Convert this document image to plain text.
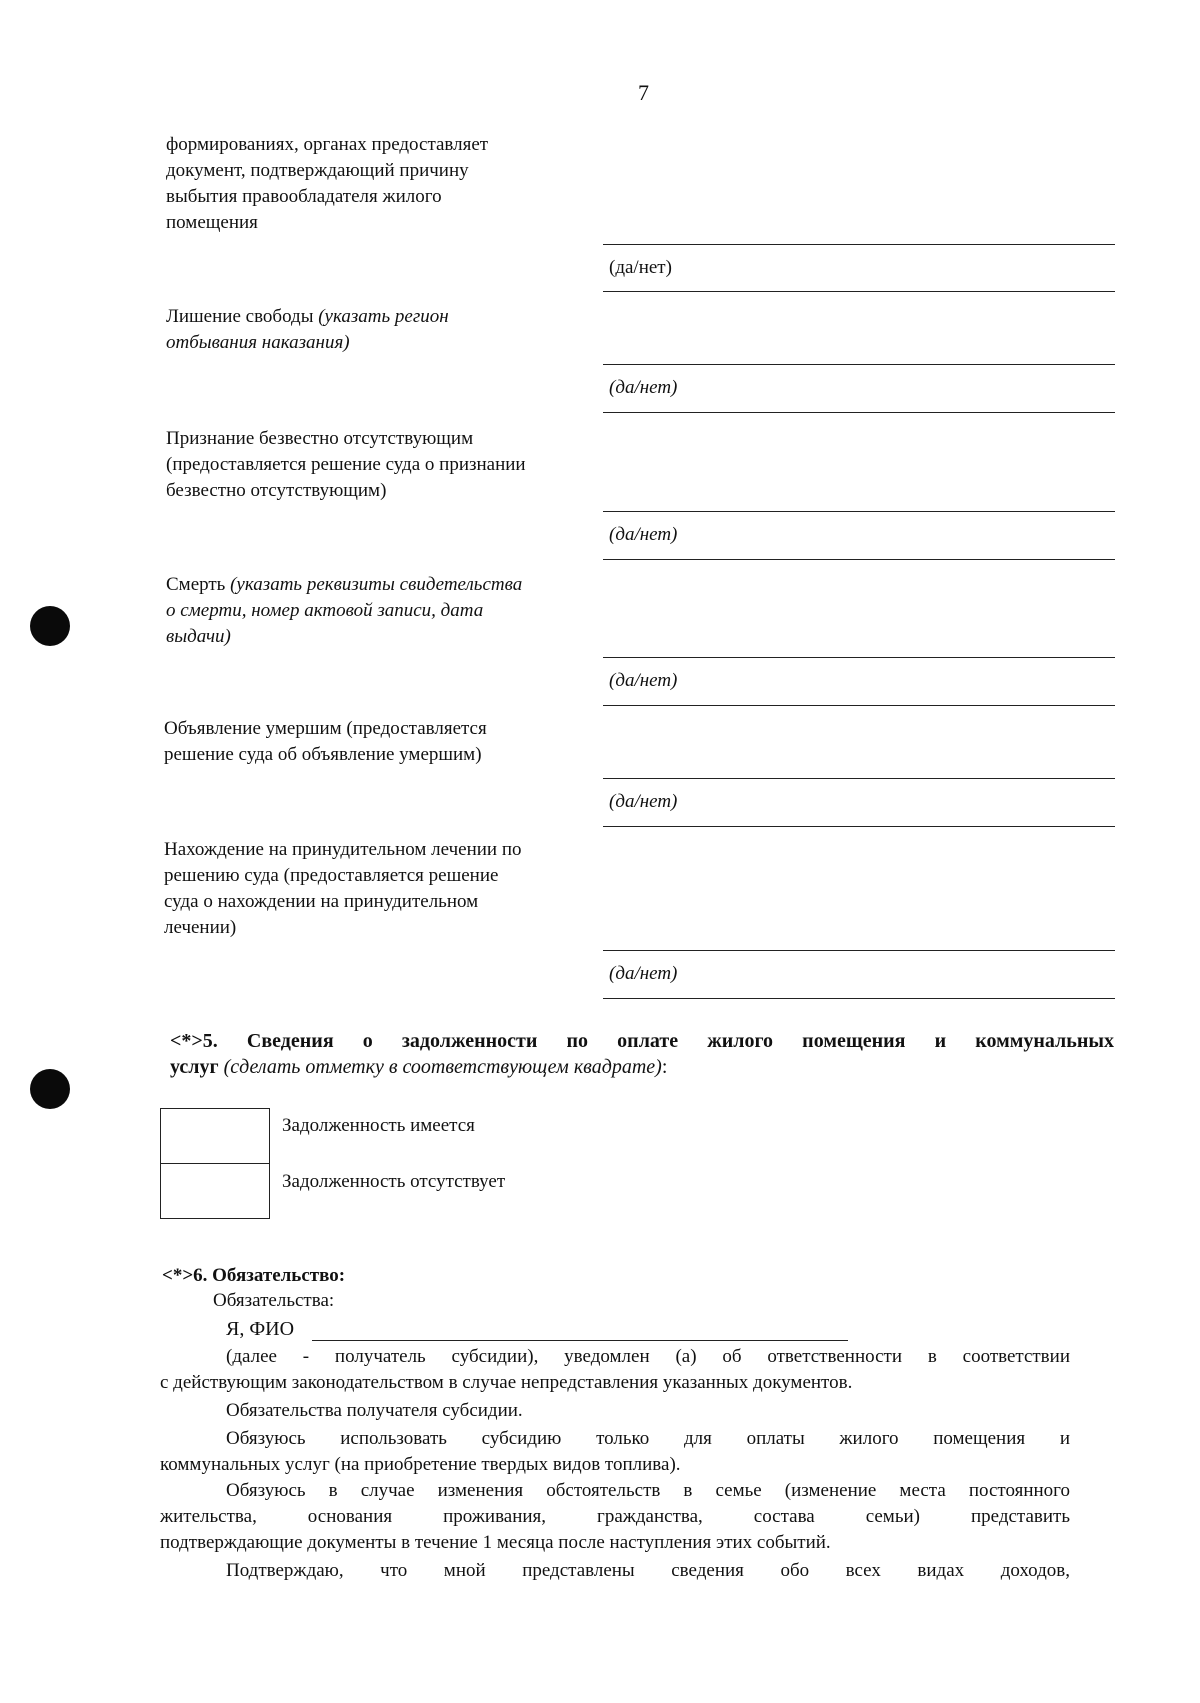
7

формированиях, органах предоставляет

документ, подтверждающий причину

выбытия правообладателя жилого

помещения

(да/нет)

Лишение свободы (указать регион

отбывания наказания)

(да/нет)

Признание безвестно отсутствующим

(предоставляется решение суда о признании

безвестно отсутствующим)

(да/нет)

Смерть (указать реквизиты свидетельства

о смерти, номер актовой записи, дата

выдачи)

(да/нет)

Объявление умершим (предоставляется

решение суда об объявление умершим)

(да/нет)

Нахождение на принудительном лечении по

решению суда (предоставляется решение

суда о нахождении на принудительном

лечении)

(да/нет)
<*>5. Сведения о задолженности по оплате жилого помещения и коммунальных
услуг (сделать отметку в соответствующем квадрате):
Задолженность имеется
Задолженность отсутствует
<*>6. Обязательство:
Обязательства:
Я, ФИО
(далее - получатель субсидии), уведомлен (а) об ответственности в соответствии
с действующим законодательством в случае непредставления указанных документов.
Обязательства получателя субсидии.
Обязуюсь использовать субсидию только для оплаты жилого помещения и
коммунальных услуг (на приобретение твердых видов топлива).
Обязуюсь в случае изменения обстоятельств в семье (изменение места постоянного
жительства, основания проживания, гражданства, состава семьи) представить
подтверждающие документы в течение 1 месяца после наступления этих событий.
Подтверждаю, что мной представлены сведения обо всех видах доходов,
